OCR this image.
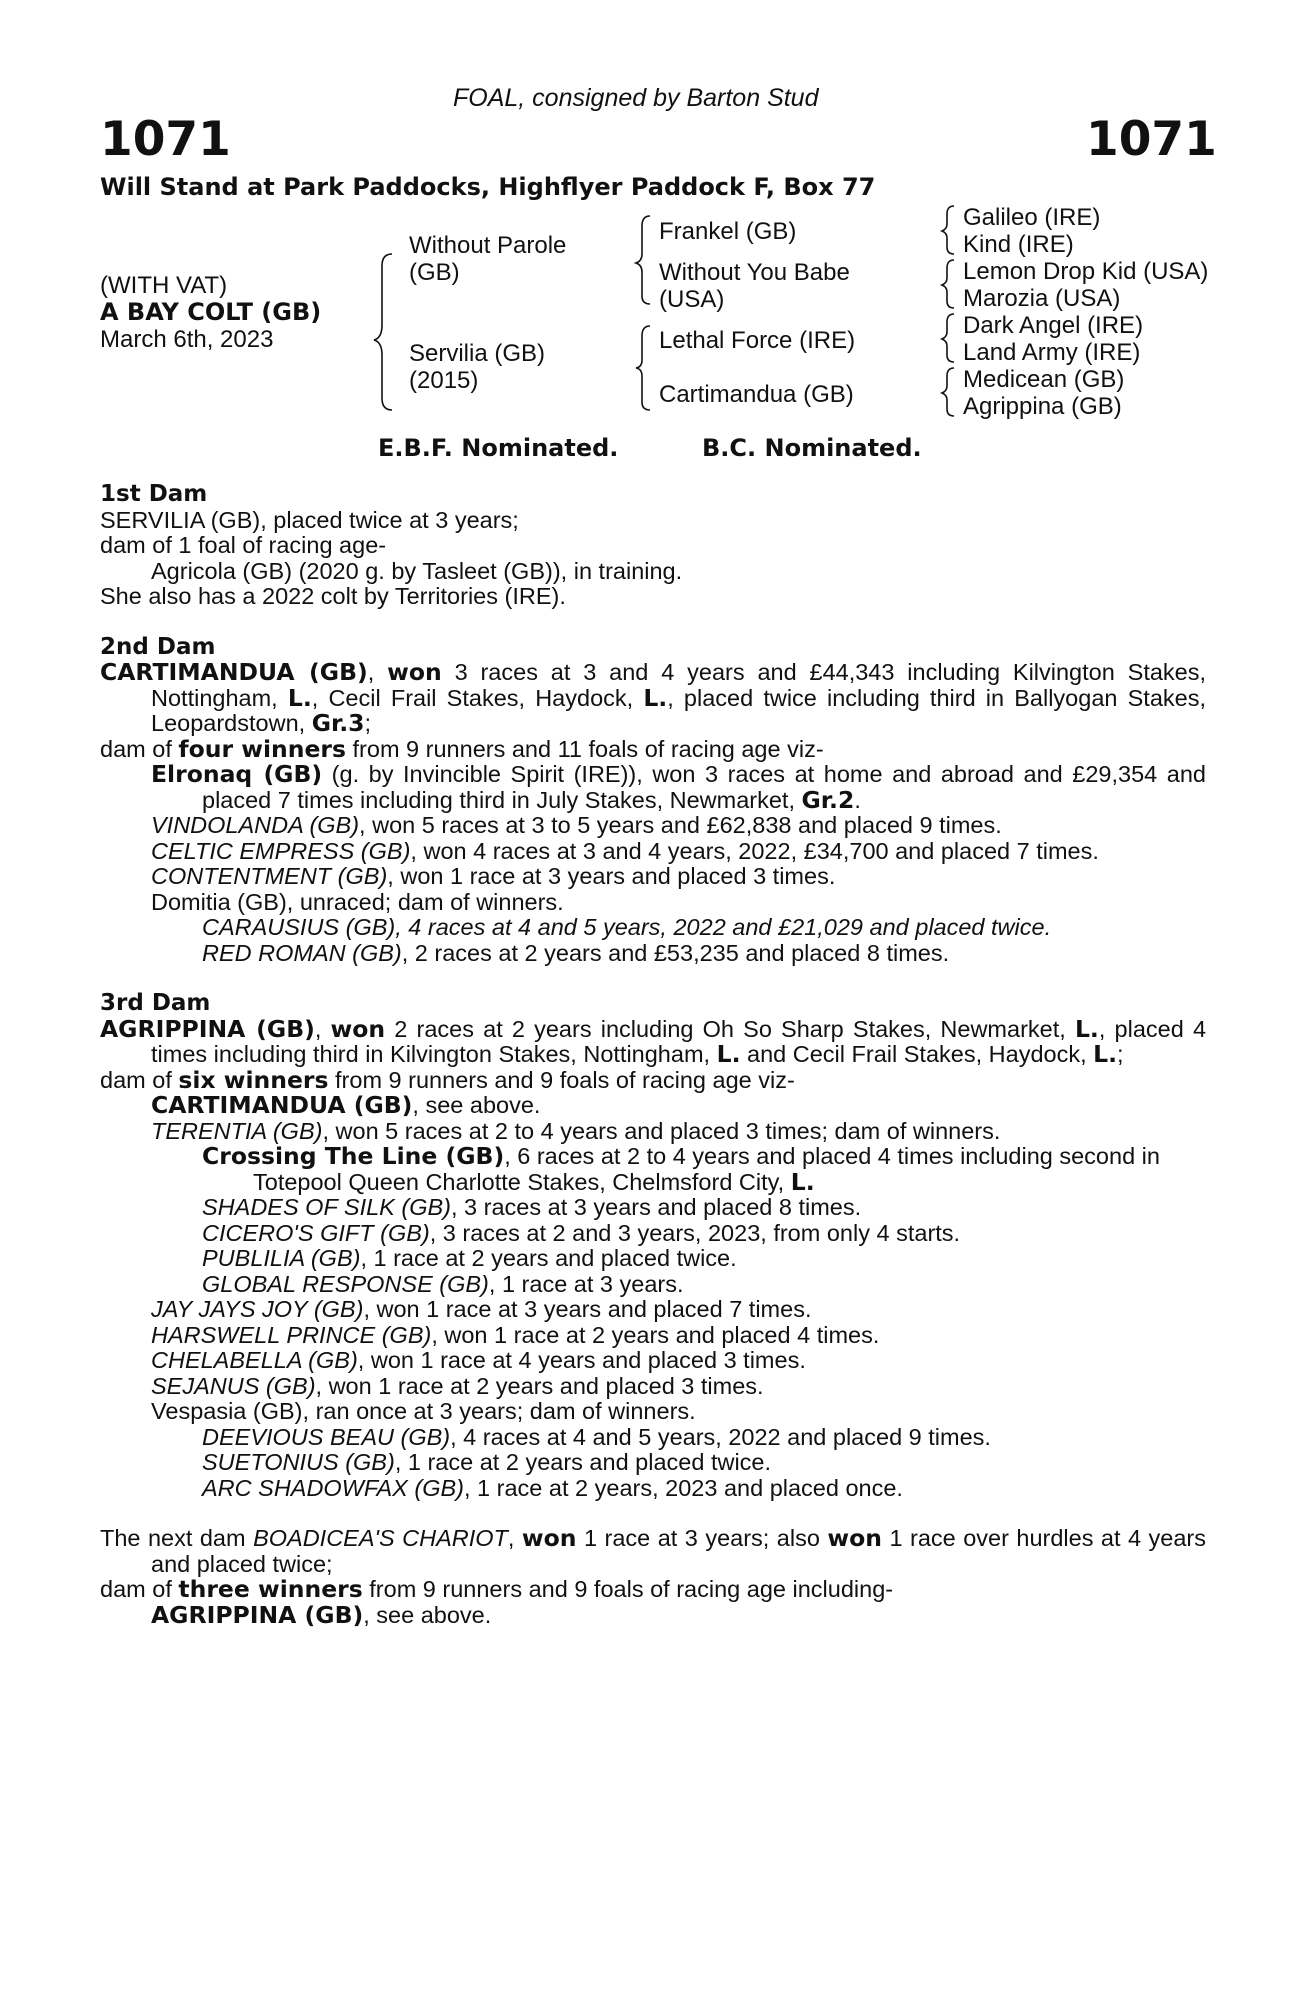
FOAL, consigned by Barton Stud
1071	1071
Will Stand at Park Paddocks, Highflyer Paddock F, Box 77
(WITH VAT)
A BAY COLT (GB)
March 6th, 2023
Without Parole
(GB)
Servilia (GB)
(2015)
Frankel (GB)
Without You Babe
(USA)
Lethal Force (IRE)
Cartimandua (GB)
Galileo (IRE)
Kind (IRE)
Lemon Drop Kid (USA)
Marozia (USA)
Dark Angel (IRE)
Land Army (IRE)
Medicean (GB)
Agrippina (GB)
E.B.F. Nominated.	B.C. Nominated.

1st Dam

SERVILIA (GB), placed twice at 3 years;

dam of 1 foal of racing age-

Agricola (GB) (2020 g. by Tasleet (GB)), in training.

She also has a 2022 colt by Territories (IRE).

2nd Dam

CARTIMANDUA (GB), won 3 races at 3 and 4 years and £44,343 including Kilvington Stakes, Nottingham, L., Cecil Frail Stakes, Haydock, L., placed twice including third in Ballyogan Stakes, Leopardstown, Gr.3;

dam of four winners from 9 runners and 11 foals of racing age viz-

Elronaq (GB) (g. by Invincible Spirit (IRE)), won 3 races at home and abroad and £29,354 and placed 7 times including third in July Stakes, Newmarket, Gr.2.

VINDOLANDA (GB), won 5 races at 3 to 5 years and £62,838 and placed 9 times.

CELTIC EMPRESS (GB), won 4 races at 3 and 4 years, 2022, £34,700 and placed 7 times.

CONTENTMENT (GB), won 1 race at 3 years and placed 3 times.

Domitia (GB), unraced; dam of winners.

CARAUSIUS (GB), 4 races at 4 and 5 years, 2022 and £21,029 and placed twice.

RED ROMAN (GB), 2 races at 2 years and £53,235 and placed 8 times.

3rd Dam

AGRIPPINA (GB), won 2 races at 2 years including Oh So Sharp Stakes, Newmarket, L., placed 4 times including third in Kilvington Stakes, Nottingham, L. and Cecil Frail Stakes, Haydock, L.;

dam of six winners from 9 runners and 9 foals of racing age viz-

CARTIMANDUA (GB), see above.

TERENTIA (GB), won 5 races at 2 to 4 years and placed 3 times; dam of winners.

Crossing The Line (GB), 6 races at 2 to 4 years and placed 4 times including second in Totepool Queen Charlotte Stakes, Chelmsford City, L.

SHADES OF SILK (GB), 3 races at 3 years and placed 8 times.

CICERO'S GIFT (GB), 3 races at 2 and 3 years, 2023, from only 4 starts.

PUBLILIA (GB), 1 race at 2 years and placed twice.

GLOBAL RESPONSE (GB), 1 race at 3 years.

JAY JAYS JOY (GB), won 1 race at 3 years and placed 7 times.

HARSWELL PRINCE (GB), won 1 race at 2 years and placed 4 times.

CHELABELLA (GB), won 1 race at 4 years and placed 3 times.

SEJANUS (GB), won 1 race at 2 years and placed 3 times.

Vespasia (GB), ran once at 3 years; dam of winners.

DEEVIOUS BEAU (GB), 4 races at 4 and 5 years, 2022 and placed 9 times.

SUETONIUS (GB), 1 race at 2 years and placed twice.

ARC SHADOWFAX (GB), 1 race at 2 years, 2023 and placed once.

The next dam BOADICEA'S CHARIOT, won 1 race at 3 years; also won 1 race over hurdles at 4 years and placed twice;

dam of three winners from 9 runners and 9 foals of racing age including-

AGRIPPINA (GB), see above.
